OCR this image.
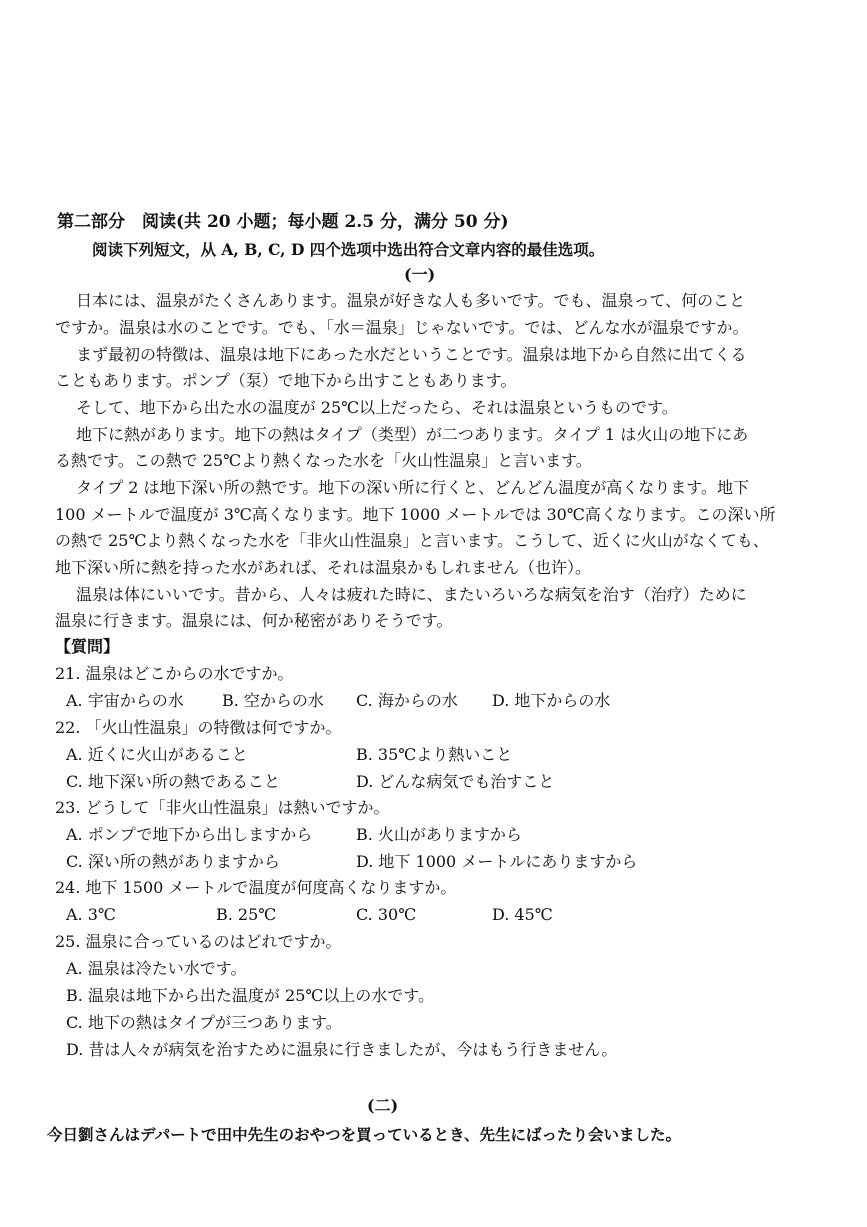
第二部分　阅读(共 20 小题；每小题 2.5 分，满分 50 分)
阅读下列短文，从 A, B, C, D 四个选项中选出符合文章内容的最佳选项。
(一)
日本には、温泉がたくさんあります。温泉が好きな人も多いです。でも、温泉って、何のこと
ですか。温泉は水のことです。でも、「水＝温泉」じゃないです。では、どんな水が温泉ですか。
まず最初の特徴は、温泉は地下にあった水だということです。温泉は地下から自然に出てくる
こともあります。ポンプ（泵）で地下から出すこともあります。
そして、地下から出た水の温度が 25℃以上だったら、それは温泉というものです。
地下に熱があります。地下の熱はタイプ（类型）が二つあります。タイプ 1 は火山の地下にあ
る熱です。この熱で 25℃より熱くなった水を「火山性温泉」と言います。
タイプ 2 は地下深い所の熱です。地下の深い所に行くと、どんどん温度が高くなります。地下
100 メートルで温度が 3℃高くなります。地下 1000 メートルでは 30℃高くなります。この深い所
の熱で 25℃より熱くなった水を「非火山性温泉」と言います。こうして、近くに火山がなくても、
地下深い所に熱を持った水があれば、それは温泉かもしれません（也许）。
温泉は体にいいです。昔から、人々は疲れた時に、またいろいろな病気を治す（治疗）ために
温泉に行きます。温泉には、何か秘密がありそうです。
【質問】
21. 温泉はどこからの水ですか。
A. 宇宙からの水 B. 空からの水 C. 海からの水 D. 地下からの水
22. 「火山性温泉」の特徴は何ですか。
A. 近くに火山があること	B. 35℃より熱いこと
C. 地下深い所の熱であること	D. どんな病気でも治すこと
23. どうして「非火山性温泉」は熱いですか。
A. ポンプで地下から出しますから	B. 火山がありますから
C. 深い所の熱がありますから	D. 地下 1000 メートルにありますから
24. 地下 1500 メートルで温度が何度高くなりますか。
A. 3℃	B. 25℃	C. 30℃	D. 45℃
25. 温泉に合っているのはどれですか。
A. 温泉は冷たい水です。
B. 温泉は地下から出た温度が 25℃以上の水です。
C. 地下の熱はタイプが三つあります。
D. 昔は人々が病気を治すために温泉に行きましたが、今はもう行きません。
(二)
今日劉さんはデパートで田中先生のおやつを買っているとき、先生にばったり会いました。
